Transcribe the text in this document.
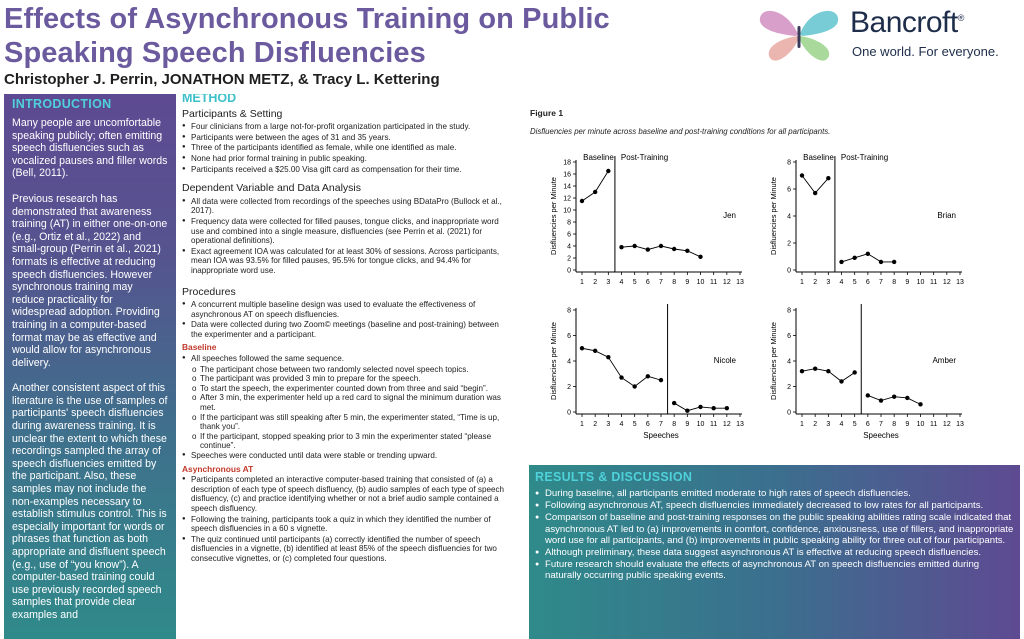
Effects of Asynchronous Training on Public
Speaking Speech Disfluencies
Christopher J. Perrin, JONATHON METZ, & Tracy L. Kettering
Bancroft®
One world. For everyone.
INTRODUCTION

Many people are uncomfortable speaking publicly; often emitting speech disfluencies such as vocalized pauses and filler words (Bell, 2011).

Previous research has demonstrated that awareness training (AT) in either one-on-one (e.g., Ortiz et al., 2022) and small-group (Perrin et al., 2021) formats is effective at reducing speech disfluencies. However synchronous training may reduce practicality for widespread adoption. Providing training in a computer-based format may be as effective and would allow for asynchronous delivery.

Another consistent aspect of this literature is the use of samples of participants' speech disfluencies during awareness training. It is unclear the extent to which these recordings sampled the array of speech disfluencies emitted by the participant. Also, these samples may not include the non-examples necessary to establish stimulus control. This is especially important for words or phrases that function as both appropriate and disfluent speech (e.g., use of “you know”). A computer-based training could use previously recorded speech samples that provide clear examples and

METHOD
Participants & Setting
● Four clinicians from a large not-for-profit organization participated in the study.
● Participants were between the ages of 31 and 35 years.
● Three of the participants identified as female, while one identified as male.
● None had prior formal training in public speaking.
● Participants received a $25.00 Visa gift card as compensation for their time.
Dependent Variable and Data Analysis
● All data were collected from recordings of the speeches using BDataPro (Bullock et al., 2017).
● Frequency data were collected for filled pauses, tongue clicks, and inappropriate word use and combined into a single measure, disfluencies (see Perrin et al. (2021) for operational definitions).
● Exact agreement IOA was calculated for at least 30% of sessions. Across participants, mean IOA was 93.5% for filled pauses, 95.5% for tongue clicks, and 94.4% for inappropriate word use.
Procedures
● A concurrent multiple baseline design was used to evaluate the effectiveness of asynchronous AT on speech disfluencies.
● Data were collected during two Zoom© meetings (baseline and post-training) between the experimenter and a participant.
Baseline
● All speeches followed the same sequence.
o The participant chose between two randomly selected novel speech topics.
o The participant was provided 3 min to prepare for the speech.
o To start the speech, the experimenter counted down from three and said “begin”.
o After 3 min, the experimenter held up a red card to signal the minimum duration was met.
o If the participant was still speaking after 5 min, the experimenter stated, “Time is up, thank you”.
o If the participant, stopped speaking prior to 3 min the experimenter stated “please continue”.
● Speeches were conducted until data were stable or trending upward.
Asynchronous AT
● Participants completed an interactive computer-based training that consisted of (a) a description of each type of speech disfluency, (b) audio samples of each type of speech disfluency, (c) and practice identifying whether or not a brief audio sample contained a speech disfluency.
● Following the training, participants took a quiz in which they identified the number of speech disfluencies in a 60 s vignette.
● The quiz continued until participants (a) correctly identified the number of speech disfluencies in a vignette, (b) identified at least 85% of the speech disfluencies for two consecutive vignettes, or (c) completed four questions.
Figure 1
Disfluencies per minute across baseline and post-training conditions for all participants.
0
2
4
6
8
10
12
14
16
18
1 2 3 4 5 6 7 8 9 10 11 12 13
Disfluencies per Minute
Baseline Post-Training
Jen
0
2
4
6
8
1 2 3 4 5 6 7 8 9 10 11 12 13
Disfluencies per Minute
Baseline Post-Training
Brian
0
2
4
6
8
1 2 3 4 5 6 7 8 9 10 11 12 13
Disfluencies per Minute
Speeches
Nicole
0
2
4
6
8
1 2 3 4 5 6 7 8 9 10 11 12 13
Disfluencies per Minute
Speeches
Amber
RESULTS & DISCUSSION
● During baseline, all participants emitted moderate to high rates of speech disfluencies.
● Following asynchronous AT, speech disfluencies immediately decreased to low rates for all participants.
● Comparison of baseline and post-training responses on the public speaking abilities rating scale indicated that asynchronous AT led to (a) improvements in comfort, confidence, anxiousness, use of fillers, and inappropriate word use for all participants, and (b) improvements in public speaking ability for three out of four participants.
● Although preliminary, these data suggest asynchronous AT is effective at reducing speech disfluencies.
● Future research should evaluate the effects of asynchronous AT on speech disfluencies emitted during naturally occurring public speaking events.
